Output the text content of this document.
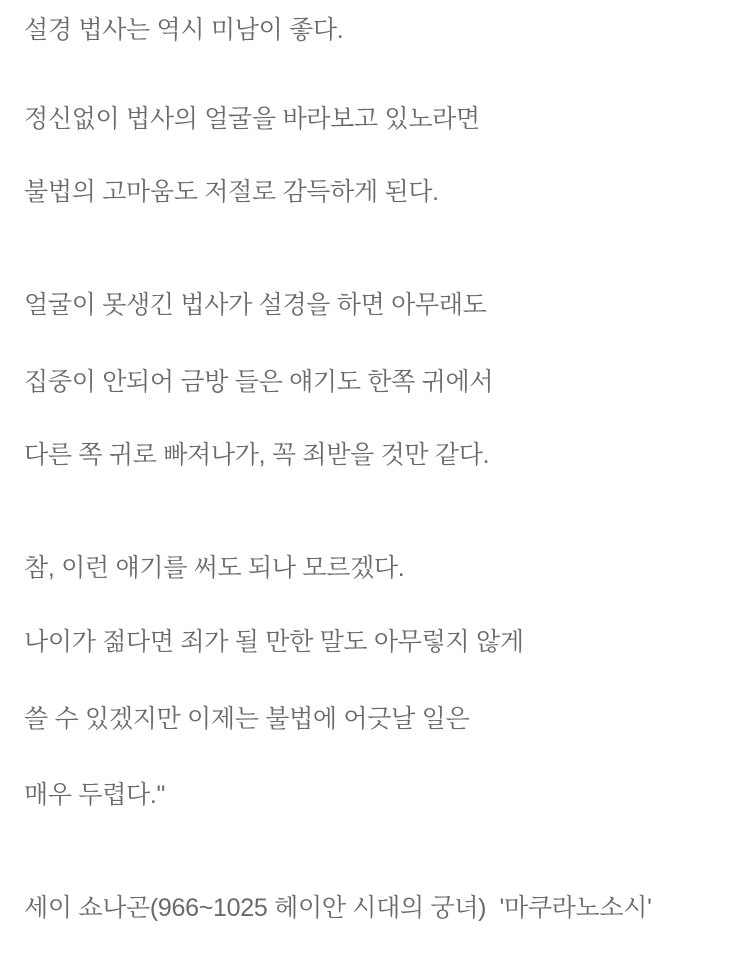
설경 법사는 역시 미남이 좋다.
정신없이 법사의 얼굴을 바라보고 있노라면
불법의 고마움도 저절로 감득하게 된다.
얼굴이 못생긴 법사가 설경을 하면 아무래도
집중이 안되어 금방 들은 얘기도 한쪽 귀에서
다른 쪽 귀로 빠져나가, 꼭 죄받을 것만 같다.
참, 이런 얘기를 써도 되나 모르겠다.
나이가 젊다면 죄가 될 만한 말도 아무렇지 않게
쓸 수 있겠지만 이제는 불법에 어긋날 일은
매우 두렵다."
세이 쇼나곤(966~1025 헤이안 시대의 궁녀)  '마쿠라노소시'
